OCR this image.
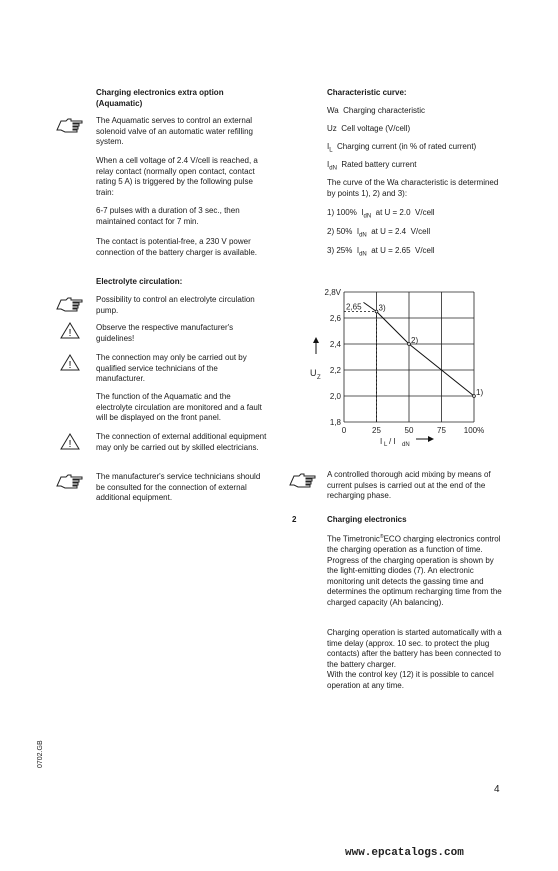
Charging electronics extra option
(Aquamatic)

The Aquamatic serves to control an external solenoid valve of an automatic water refilling system.

When a cell voltage of 2.4 V/cell is reached, a relay contact (normally open contact, contact rating 5 A) is triggered by the following pulse train:

6-7 pulses with a duration of 3 sec., then maintained contact for 7 min.

The contact is potential-free, a 230 V power connection of the battery charger is available.

Electrolyte circulation:

Possibility to control an electrolyte circulation pump.

!

Observe the respective manufacturer's guidelines!

!

The connection may only be carried out by qualified service technicians of the manufacturer.

The function of the Aquamatic and the electrolyte circulation are monitored and a fault will be displayed on the front panel.

!

The connection of external additional equipment may only be carried out by skilled electricians.

The manufacturer's service technicians should be consulted for the connection of external additional equipment.

Characteristic curve:
Wa Charging characteristic
Uz Cell voltage (V/cell)
$I_L$ Charging current (in % of rated current)
$I_{dN}$ Rated battery current

The curve of the Wa characteristic is determined by points 1), 2) and 3):

1) 100% $I_{dN}$ at U = 2.0 V/cell
2) 50% $I_{dN}$ at U = 2.4 V/cell
3) 25% $I_{dN}$ at U = 2.65 V/cell
2,8V
2,6
2,4
2,2
2,0
1,8
0	25	50	75 100%
1)
2)
3)
2,65
U Z
I L / I dN

A controlled thorough acid mixing by means of current pulses is carried out at the end of the recharging phase.

2	Charging electronics

The Timetronic®ECO charging electronics control the charging operation as a function of time. Progress of the charging operation is shown by the light-emitting diodes (7). An electronic monitoring unit detects the gassing time and determines the optimum recharging time from the charged capacity (Ah balancing).

Charging operation is started automatically with a time delay (approx. 10 sec. to protect the plug contacts) after the battery has been connected to the battery charger.

With the control key (12) it is possible to cancel operation at any time.

0702.GB
4
www.epcatalogs.com
